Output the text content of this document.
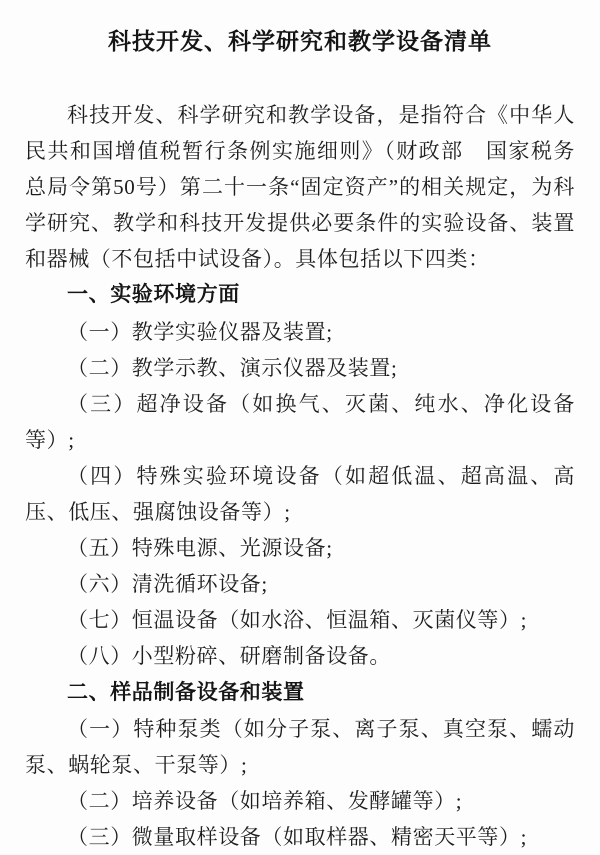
科技开发、科学研究和教学设备清单

科技开发、科学研究和教学设备，是指符合《中华人民共和国增值税暂行条例实施细则》（财政部　国家税务总局令第50号）第二十一条“固定资产”的相关规定，为科学研究、教学和科技开发提供必要条件的实验设备、装置和器械（不包括中试设备）。具体包括以下四类：

一、实验环境方面

（一）教学实验仪器及装置;

（二）教学示教、演示仪器及装置;

（三）超净设备（如换气、灭菌、纯水、净化设备等）;

（四）特殊实验环境设备（如超低温、超高温、高压、低压、强腐蚀设备等）;

（五）特殊电源、光源设备;

（六）清洗循环设备;

（七）恒温设备（如水浴、恒温箱、灭菌仪等）;

（八）小型粉碎、研磨制备设备。

二、样品制备设备和装置

（一）特种泵类（如分子泵、离子泵、真空泵、蠕动泵、蜗轮泵、干泵等）;

（二）培养设备（如培养箱、发酵罐等）;

（三）微量取样设备（如取样器、精密天平等）;
